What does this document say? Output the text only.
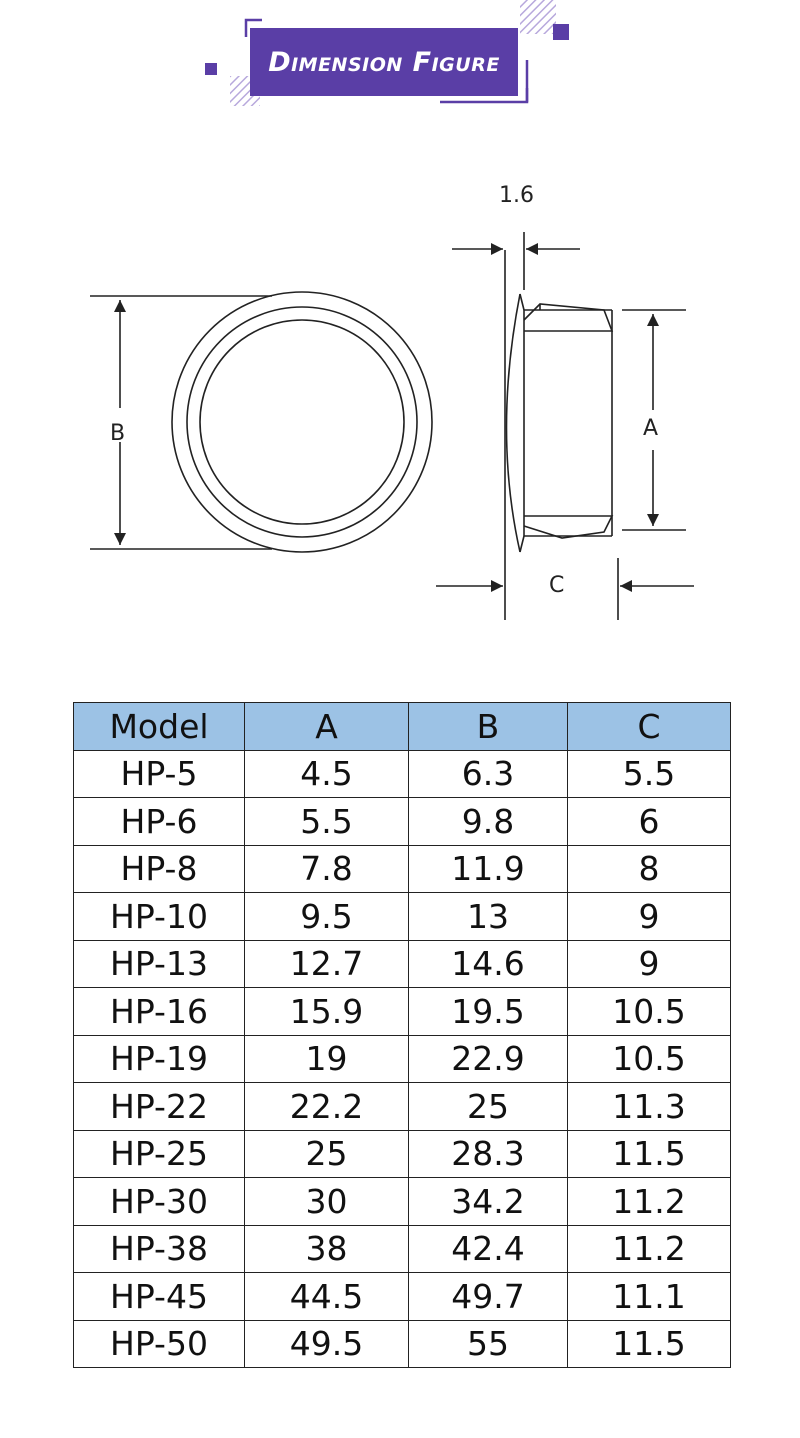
Dimension Figure
1.6
B	A
C
Model	A	B	C
HP-5	4.5	6.3	5.5
HP-6	5.5	9.8	6
HP-8	7.8	11.9	8
HP-10	9.5	13	9
HP-13	12.7	14.6	9
HP-16	15.9	19.5	10.5
HP-19	19	22.9	10.5
HP-22	22.2	25	11.3
HP-25	25	28.3	11.5
HP-30	30	34.2	11.2
HP-38	38	42.4	11.2
HP-45	44.5	49.7	11.1
HP-50	49.5	55	11.5
